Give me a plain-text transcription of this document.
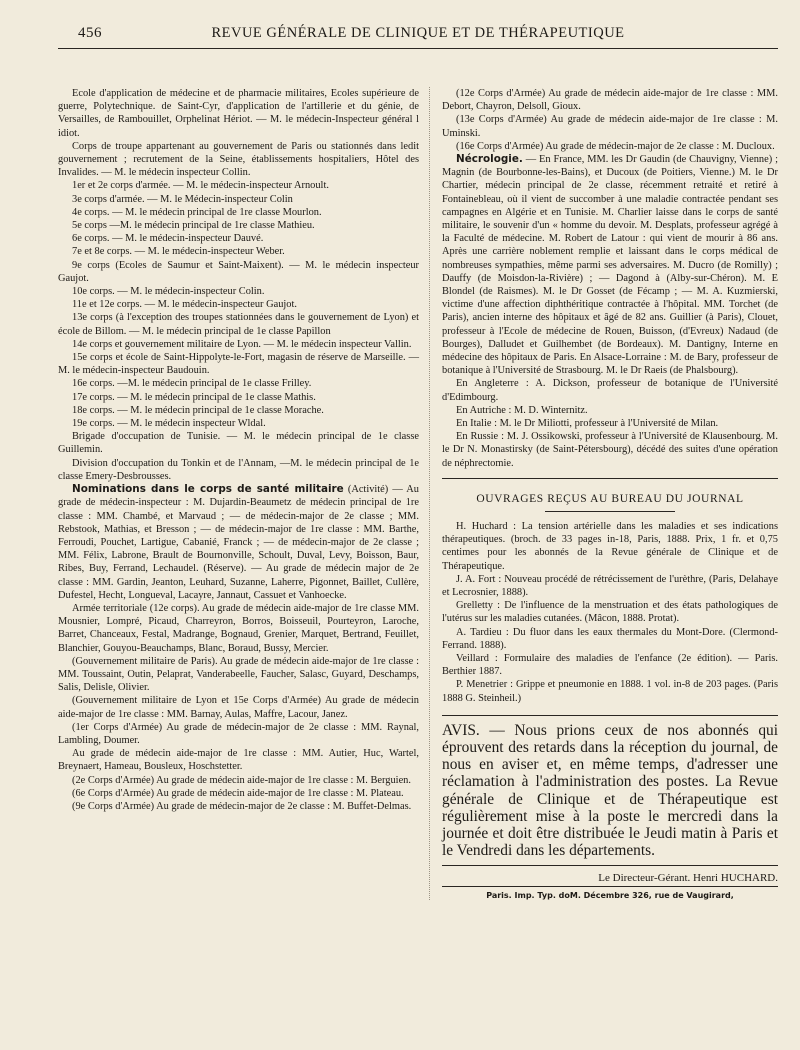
456	REVUE GÉNÉRALE DE CLINIQUE ET DE THÉRAPEUTIQUE

Ecole d'application de médecine et de pharmacie militaires, Ecoles supérieure de guerre, Polytechnique. de Saint-Cyr, d'application de l'artillerie et du génie, de Versailles, de Rambouillet, Orphelinat Hériot. — M. le médecin-Inspecteur général l idiot.

Corps de troupe appartenant au gouvernement de Paris ou stationnés dans ledit gouvernement ; recrutement de la Seine, établissements hospitaliers, Hôtel des Invalides. — M. le médecin inspecteur Collin.

1er et 2e corps d'armée. — M. le médecin-inspecteur Arnoult.

3e corps d'armée. — M. le Médecin-inspecteur Colin

4e corps. — M. le médecin principal de 1re classe Mourlon.

5e corps —M. le médecin principal de 1re classe Mathieu.

6e corps. — M. le médecin-inspecteur Dauvé.

7e et 8e corps. — M. le médecin-inspecteur Weber.

9e corps (Ecoles de Saumur et Saint-Maixent). — M. le médecin inspecteur Gaujot.

10e corps. — M. le médecin-inspecteur Colin.

11e et 12e corps. — M. le médecin-inspecteur Gaujot.

13e corps (à l'exception des troupes stationnées dans le gouvernement de Lyon) et école de Billom. — M. le médecin principal de 1e classe Papillon

14e corps et gouvernement militaire de Lyon. — M. le médecin inspecteur Vallin.

15e corps et école de Saint-Hippolyte-le-Fort, magasin de réserve de Marseille. — M. le médecin-inspecteur Baudouin.

16e corps. —M. le médecin principal de 1e classe Frilley.

17e corps. — M. le médecin principal de 1e classe Mathis.

18e corps. — M. le médecin principal de 1e classe Morache.

19e corps. — M. le médecin inspecteur Wldal.

Brigade d'occupation de Tunisie. — M. le médecin principal de 1e classe Guillemin.

Division d'occupation du Tonkin et de l'Annam, —M. le médecin principal de 1e classe Emery-Desbrousses.

Nominations dans le corps de santé militaire (Activité) — Au grade de médecin-inspecteur : M. Dujardin-Beaumetz de médecin principal de 1re classe : MM. Chambé, et Marvaud ; — de médecin-major de 2e classe ; MM. Rebstook, Mathias, et Bresson ; — de médecin-major de 1re classe : MM. Barthe, Ferroudi, Pouchet, Lartigue, Cabanié, Franck ; — de médecin-major de 2e classe ; MM. Félix, Labrone, Brault de Bournonville, Schoult, Duval, Levy, Boisson, Baur, Ribes, Buy, Ferrand, Lechaudel. (Réserve). — Au grade de médecin major de 2e classe : MM. Gardin, Jeanton, Leuhard, Suzanne, Laherre, Pigonnet, Baillet, Cullère, Dufestel, Hecht, Longueval, Lacayre, Jannaut, Cassuet et Vanhoecke.

Armée territoriale (12e corps). Au grade de médecin aide-major de 1re classe MM. Mousnier, Lompré, Picaud, Charreyron, Borros, Boisseuil, Pourteyron, Laroche, Barret, Chanceaux, Festal, Madrange, Bognaud, Grenier, Marquet, Bertrand, Feuillet, Blanchier, Gouyou-Beauchamps, Blanc, Boraud, Bussy, Mercier.

(Gouvernement militaire de Paris). Au grade de médecin aide-major de 1re classe : MM. Toussaint, Outin, Pelaprat, Vanderabeelle, Faucher, Salasc, Guyard, Deschamps, Salis, Delisle, Olivier.

(Gouvernement militaire de Lyon et 15e Corps d'Armée) Au grade de médecin aide-major de 1re classe : MM. Barnay, Aulas, Maffre, Lacour, Janez.

(1er Corps d'Armée) Au grade de médecin-major de 2e classe : MM. Raynal, Lambling, Doumer.

Au grade de médecin aide-major de 1re classe : MM. Autier, Huc, Wartel, Breynaert, Hameau, Bousleux, Hoschstetter.

(2e Corps d'Armée) Au grade de médecin aide-major de 1re classe : M. Berguien.

(6e Corps d'Armée) Au grade de médecin aide-major de 1re classe : M. Plateau.

(9e Corps d'Armée) Au grade de médecin-major de 2e classe : M. Buffet-Delmas.

(12e Corps d'Armée) Au grade de médecin aide-major de 1re classe : MM. Debort, Chayron, Delsoll, Gioux.

(13e Corps d'Armée) Au grade de médecin aide-major de 1re classe : M. Uminski.

(16e Corps d'Armée) Au grade de médecin-major de 2e classe : M. Ducloux.

Nécrologie. — En France, MM. les Dr Gaudin (de Chauvigny, Vienne) ; Magnin (de Bourbonne-les-Bains), et Ducoux (de Poitiers, Vienne.) M. le Dr Chartier, médecin principal de 2e classe, récemment retraité et retiré à Fontainebleau, où il vient de succomber à une maladie contractée pendant ses campagnes en Algérie et en Tunisie. M. Charlier laisse dans le corps de santé militaire, le souvenir d'un « homme du devoir. M. Desplats, professeur agrégé à la Faculté de médecine. M. Robert de Latour : qui vient de mourir à 86 ans. Après une carrière noblement remplie et laissant dans le corps médical de nombreuses sympathies, même parmi ses adversaires. M. Ducro (de Romilly) ; Dauffy (de Moisdon-la-Rivière) ; — Dagond à (Alby-sur-Chéron). M. E Blondel (de Raismes). M. le Dr Gosset (de Fécamp ; — M. A. Kuzmierski, victime d'une affection diphthéritique contractée à l'hôpital. MM. Torchet (de Paris), ancien interne des hôpitaux et âgé de 82 ans. Guillier (à Paris), Clouet, professeur à l'Ecole de médecine de Rouen, Buisson, (d'Evreux) Nadaud (de Bourges), Dalludet et Guilhembet (de Bordeaux). M. Dantigny, Interne en médecine des hôpitaux de Paris. En Alsace-Lorraine : M. de Bary, professeur de botanique à l'Université de Strasbourg. M. le Dr Raeis (de Phalsbourg).

En Angleterre : A. Dickson, professeur de botanique de l'Université d'Edimbourg.

En Autriche : M. D. Winternitz.

En Italie : M. le Dr Miliotti, professeur à l'Université de Milan.

En Russie : M. J. Ossikowski, professeur à l'Université de Klausenbourg. M. le Dr N. Monastirsky (de Saint-Pétersbourg), décédé des suites d'une opération de néphrectomie.

OUVRAGES REÇUS AU BUREAU DU JOURNAL

H. Huchard : La tension artérielle dans les maladies et ses indications thérapeutiques. (broch. de 33 pages in-18, Paris, 1888. Prix, 1 fr. et 0,75 centimes pour les abonnés de la Revue générale de Clinique et de Thérapeutique.

J. A. Fort : Nouveau procédé de rétrécissement de l'urèthre, (Paris, Delahaye et Lecrosnier, 1888).

Grelletty : De l'influence de la menstruation et des états pathologiques de l'utérus sur les maladies cutanées. (Mâcon, 1888. Protat).

A. Tardieu : Du fluor dans les eaux thermales du Mont-Dore. (Clermond-Ferrand. 1888).

Veillard : Formulaire des maladies de l'enfance (2e édition). — Paris. Berthier 1887.

P. Menetrier : Grippe et pneumonie en 1888. 1 vol. in-8 de 203 pages. (Paris 1888 G. Steinheil.)

AVIS. — Nous prions ceux de nos abonnés qui éprouvent des retards dans la réception du journal, de nous en aviser et, en même temps, d'adresser une réclamation à l'administration des postes. La Revue générale de Clinique et de Thérapeutique est régulièrement mise à la poste le mercredi dans la journée et doit être distribuée le Jeudi matin à Paris et le Vendredi dans les départements.

Le Directeur-Gérant. Henri HUCHARD.
Paris. Imp. Typ. doM. Décembre 326, rue de Vaugirard,
